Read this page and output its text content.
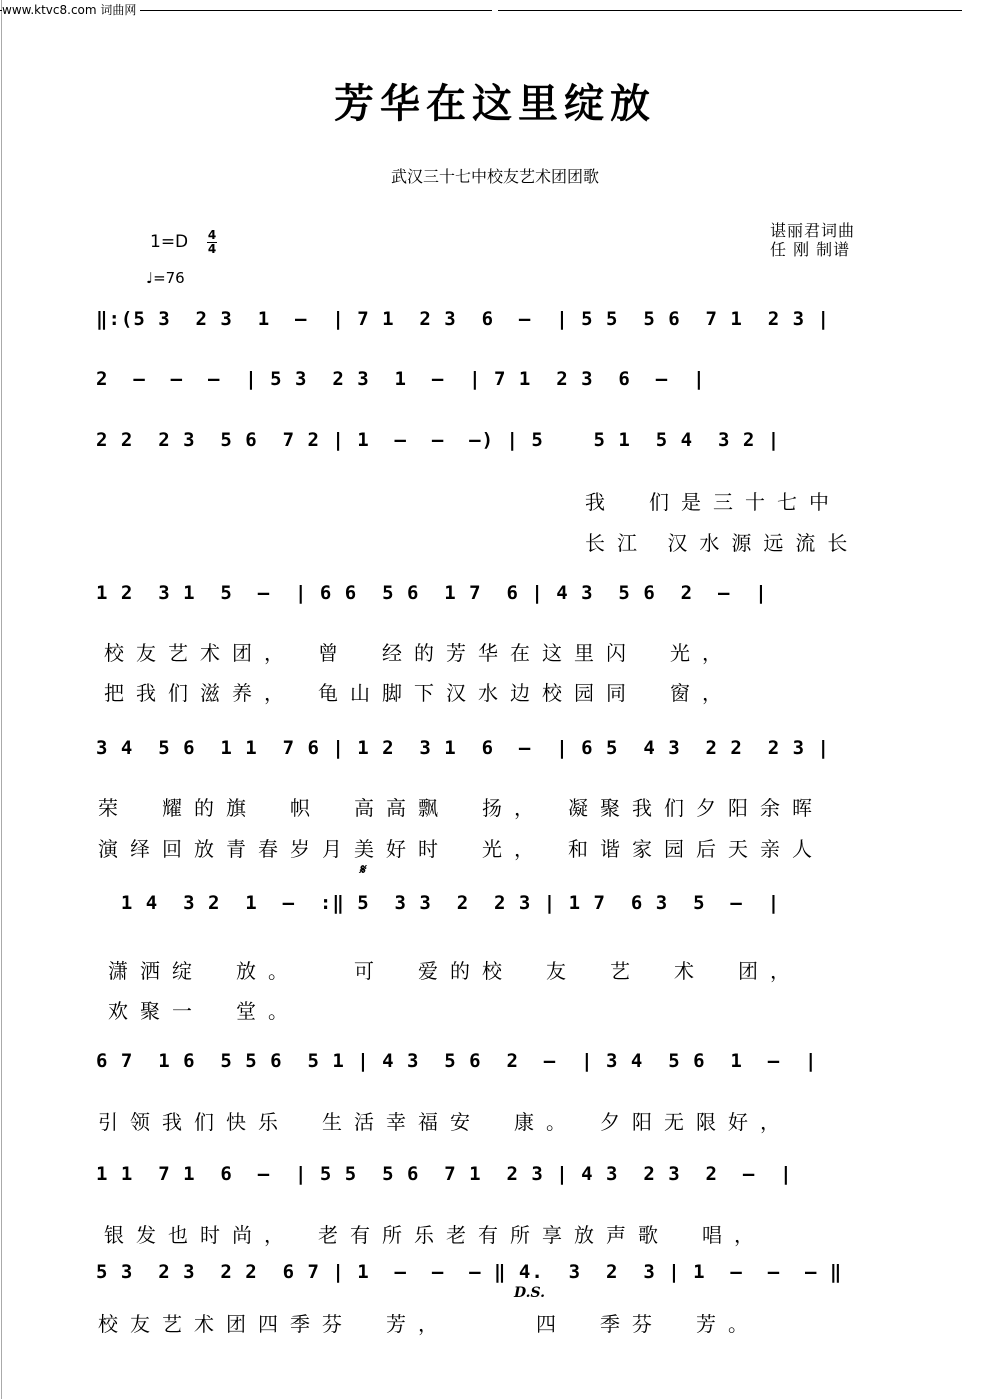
www.ktvc8.com 词曲网
芳华在这里绽放
武汉三十七中校友艺术团团歌
谌丽君词曲
任 刚 制谱
1=D 4
4
♩=76
‖:(5 3  2 3  1  –  | 7 1  2 3  6  –  | 5 5  5 6  7 1  2 3 |
2  –  –  –  | 5 3  2 3  1  –  | 7 1  2 3  6  –  |
2 2  2 3  5 6  7 2 | 1  –  –  –) | 5    5 1  5 4  3 2 |
我　们是三十七中
长江 汉水源远流长
1 2  3 1  5  –  | 6 6  5 6  1 7  6 | 4 3  5 6  2  –  |
校友艺术团，　曾　经的芳华在这里闪　光，
把我们滋养，　龟山脚下汉水边校园同　窗，
3 4  5 6  1 1  7 6 | 1 2  3 1  6  –  | 6 5  4 3  2 2  2 3 |
荣　耀的旗　帜　高高飘　扬，　凝聚我们夕阳余晖
演绎回放青春岁月美好时　光，　和谐家园后天亲人
𝄋
1 4  3 2  1  –  :‖ 5  3 3  2  2 3 | 1 7  6 3  5  –  |
潇洒绽　放。　　可　爱的校　友　艺　术　团，
欢聚一　堂。
6 7  1 6  5 5 6  5 1 | 4 3  5 6  2  –  | 3 4  5 6  1  –  |
引领我们快乐　生活幸福安　康。　夕阳无限好，
1 1  7 1  6  –  | 5 5  5 6  7 1  2 3 | 4 3  2 3  2  –  |
银发也时尚，　老有所乐老有所享放声歌　唱，
5 3  2 3  2 2  6 7 | 1  –  –  – ‖ 4.  3  2  3 | 1  –  –  – ‖
D.S.
校友艺术团四季芬　芳，　　　四　季芬　芳。
